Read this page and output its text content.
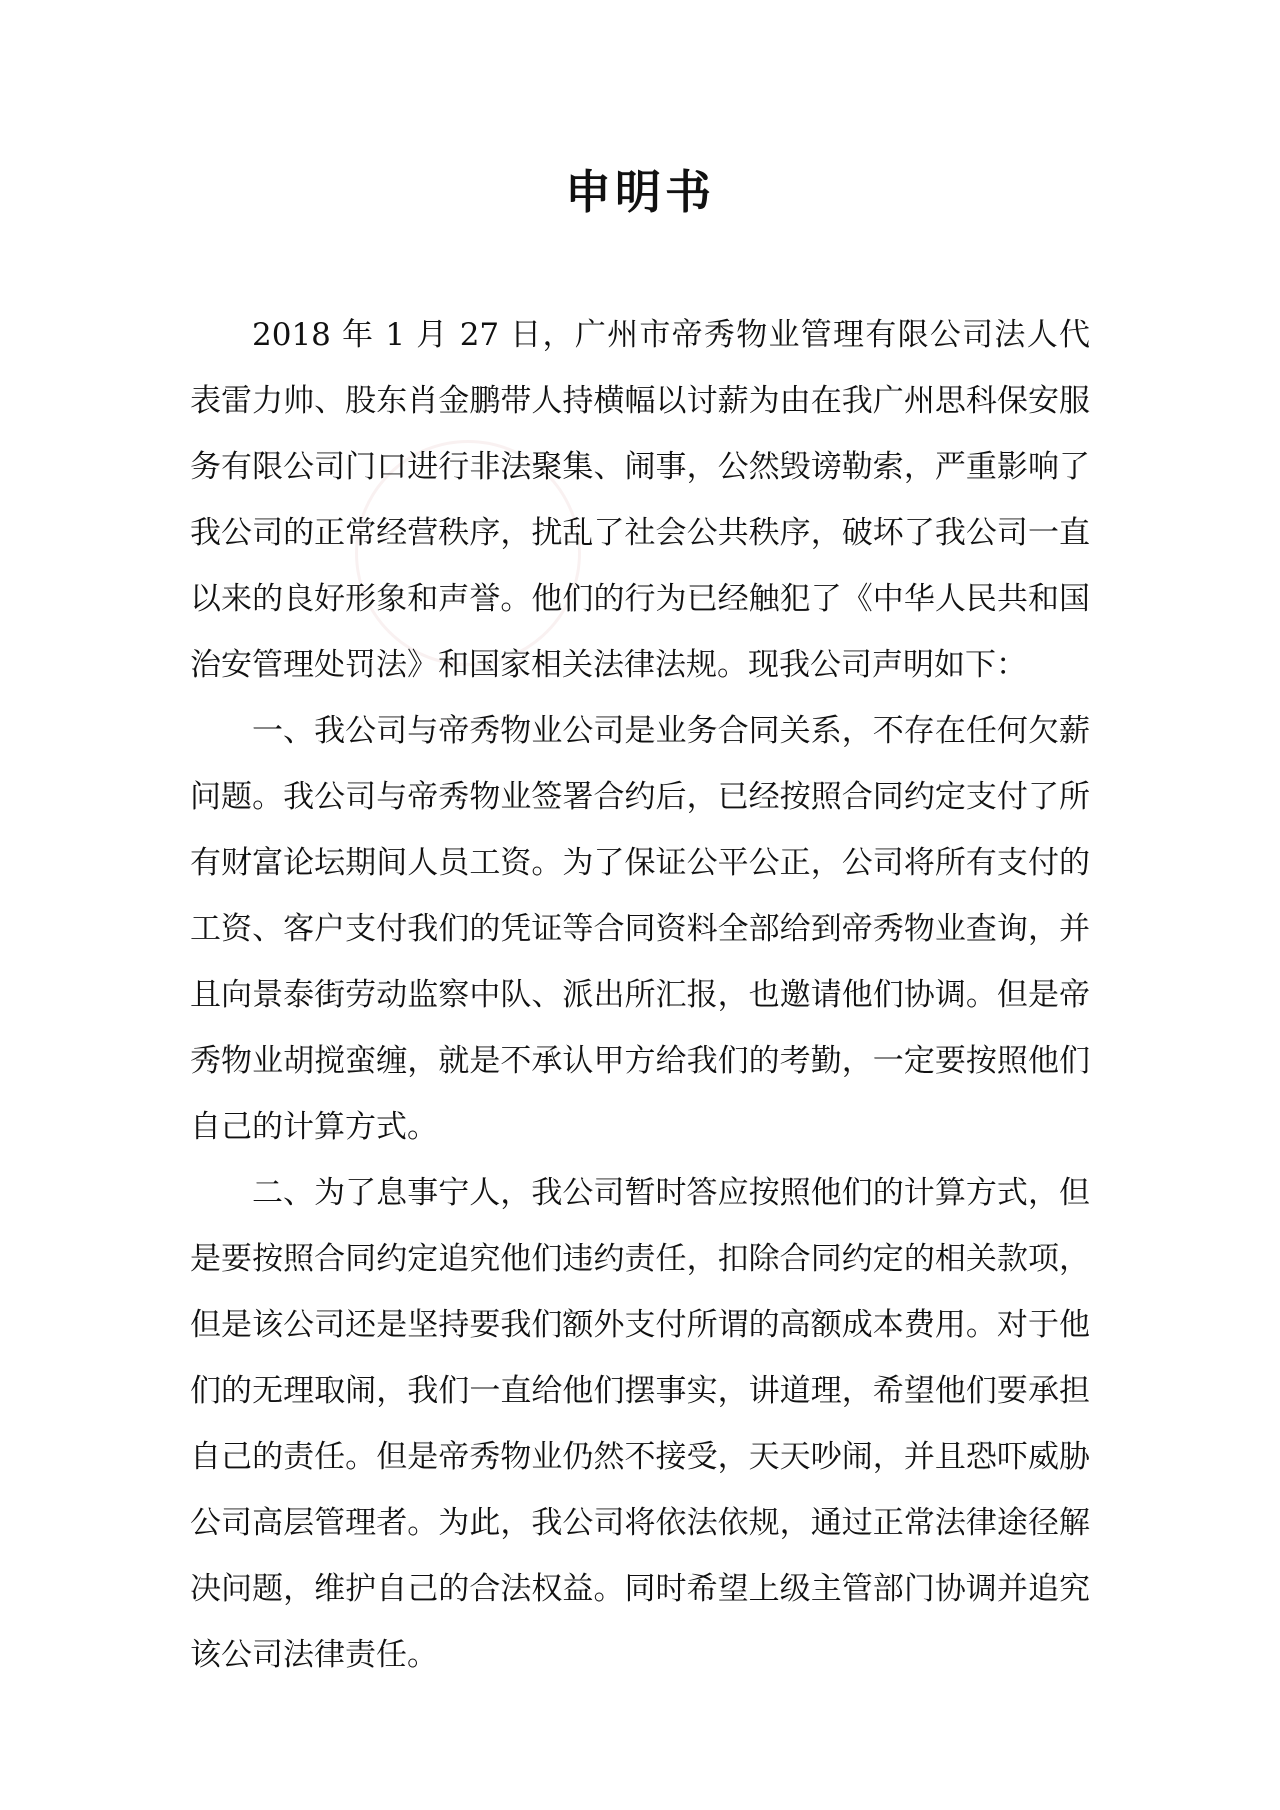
申明书

2018 年 1 月 27 日，广州市帝秀物业管理有限公司法人代表雷力帅、股东肖金鹏带人持横幅以讨薪为由在我广州思科保安服务有限公司门口进行非法聚集、闹事，公然毁谤勒索，严重影响了我公司的正常经营秩序，扰乱了社会公共秩序，破坏了我公司一直以来的良好形象和声誉。他们的行为已经触犯了《中华人民共和国治安管理处罚法》和国家相关法律法规。现我公司声明如下：

一、我公司与帝秀物业公司是业务合同关系，不存在任何欠薪问题。我公司与帝秀物业签署合约后，已经按照合同约定支付了所有财富论坛期间人员工资。为了保证公平公正，公司将所有支付的工资、客户支付我们的凭证等合同资料全部给到帝秀物业查询，并且向景泰街劳动监察中队、派出所汇报，也邀请他们协调。但是帝秀物业胡搅蛮缠，就是不承认甲方给我们的考勤，一定要按照他们自己的计算方式。

二、为了息事宁人，我公司暂时答应按照他们的计算方式，但是要按照合同约定追究他们违约责任，扣除合同约定的相关款项，但是该公司还是坚持要我们额外支付所谓的高额成本费用。对于他们的无理取闹，我们一直给他们摆事实，讲道理，希望他们要承担自己的责任。但是帝秀物业仍然不接受，天天吵闹，并且恐吓威胁公司高层管理者。为此，我公司将依法依规，通过正常法律途径解决问题，维护自己的合法权益。同时希望上级主管部门协调并追究该公司法律责任。
